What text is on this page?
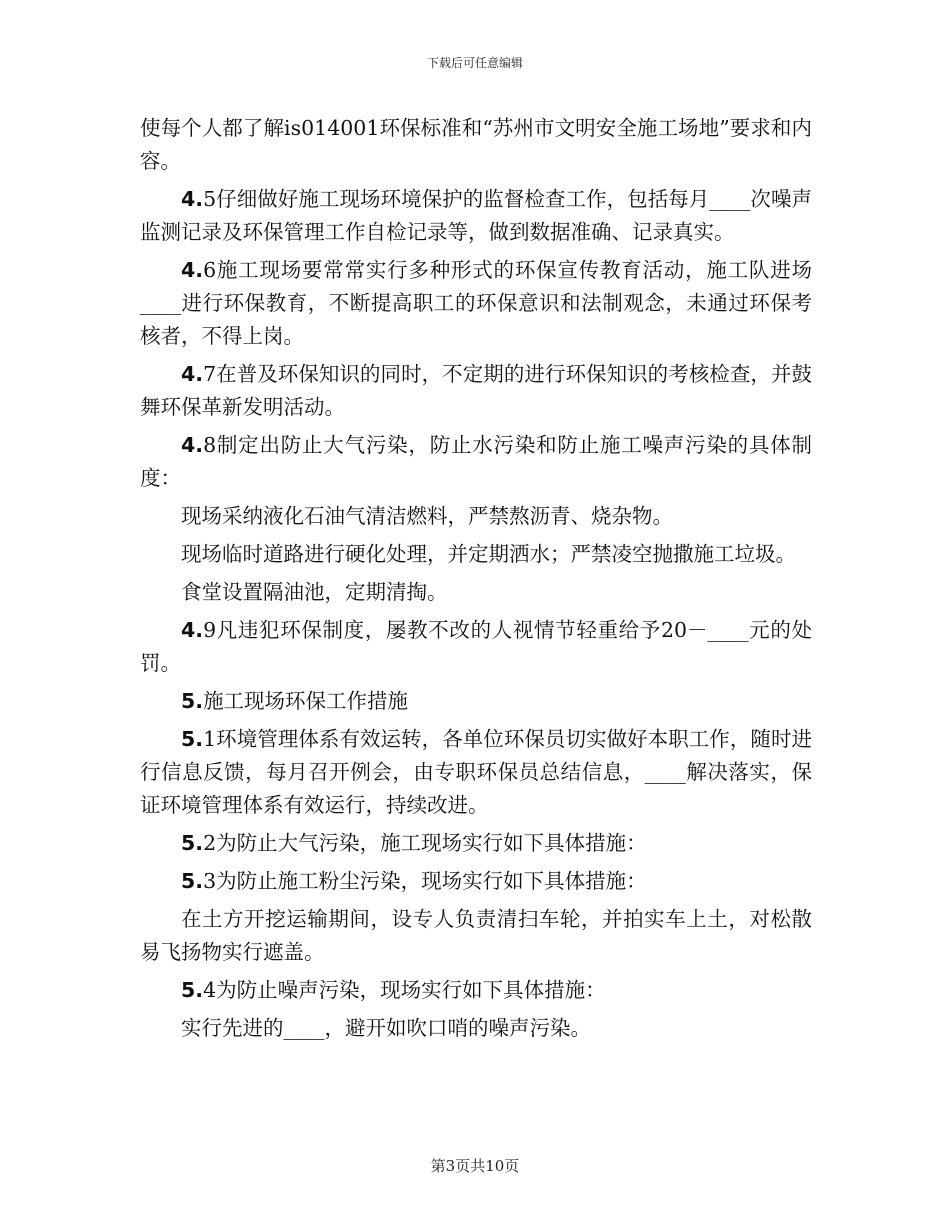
下载后可任意编辑

使每个人都了解is014001环保标准和“苏州市文明安全施工场地”要求和内容。

4.5仔细做好施工现场环境保护的监督检查工作，包括每月____次噪声监测记录及环保管理工作自检记录等，做到数据准确、记录真实。

4.6施工现场要常常实行多种形式的环保宣传教育活动，施工队进场____进行环保教育，不断提高职工的环保意识和法制观念，未通过环保考核者，不得上岗。

4.7在普及环保知识的同时，不定期的进行环保知识的考核检查，并鼓舞环保革新发明活动。

4.8制定出防止大气污染，防止水污染和防止施工噪声污染的具体制度：

现场采纳液化石油气清洁燃料，严禁熬沥青、烧杂物。

现场临时道路进行硬化处理，并定期洒水；严禁凌空抛撒施工垃圾。

食堂设置隔油池，定期清掏。

4.9凡违犯环保制度，屡教不改的人视情节轻重给予20－____元的处罚。

5.施工现场环保工作措施

5.1环境管理体系有效运转，各单位环保员切实做好本职工作，随时进行信息反馈，每月召开例会，由专职环保员总结信息，____解决落实，保证环境管理体系有效运行，持续改进。

5.2为防止大气污染，施工现场实行如下具体措施：

5.3为防止施工粉尘污染，现场实行如下具体措施：

在土方开挖运输期间，设专人负责清扫车轮，并拍实车上土，对松散易飞扬物实行遮盖。

5.4为防止噪声污染，现场实行如下具体措施：

实行先进的____，避开如吹口哨的噪声污染。

第3页共10页
